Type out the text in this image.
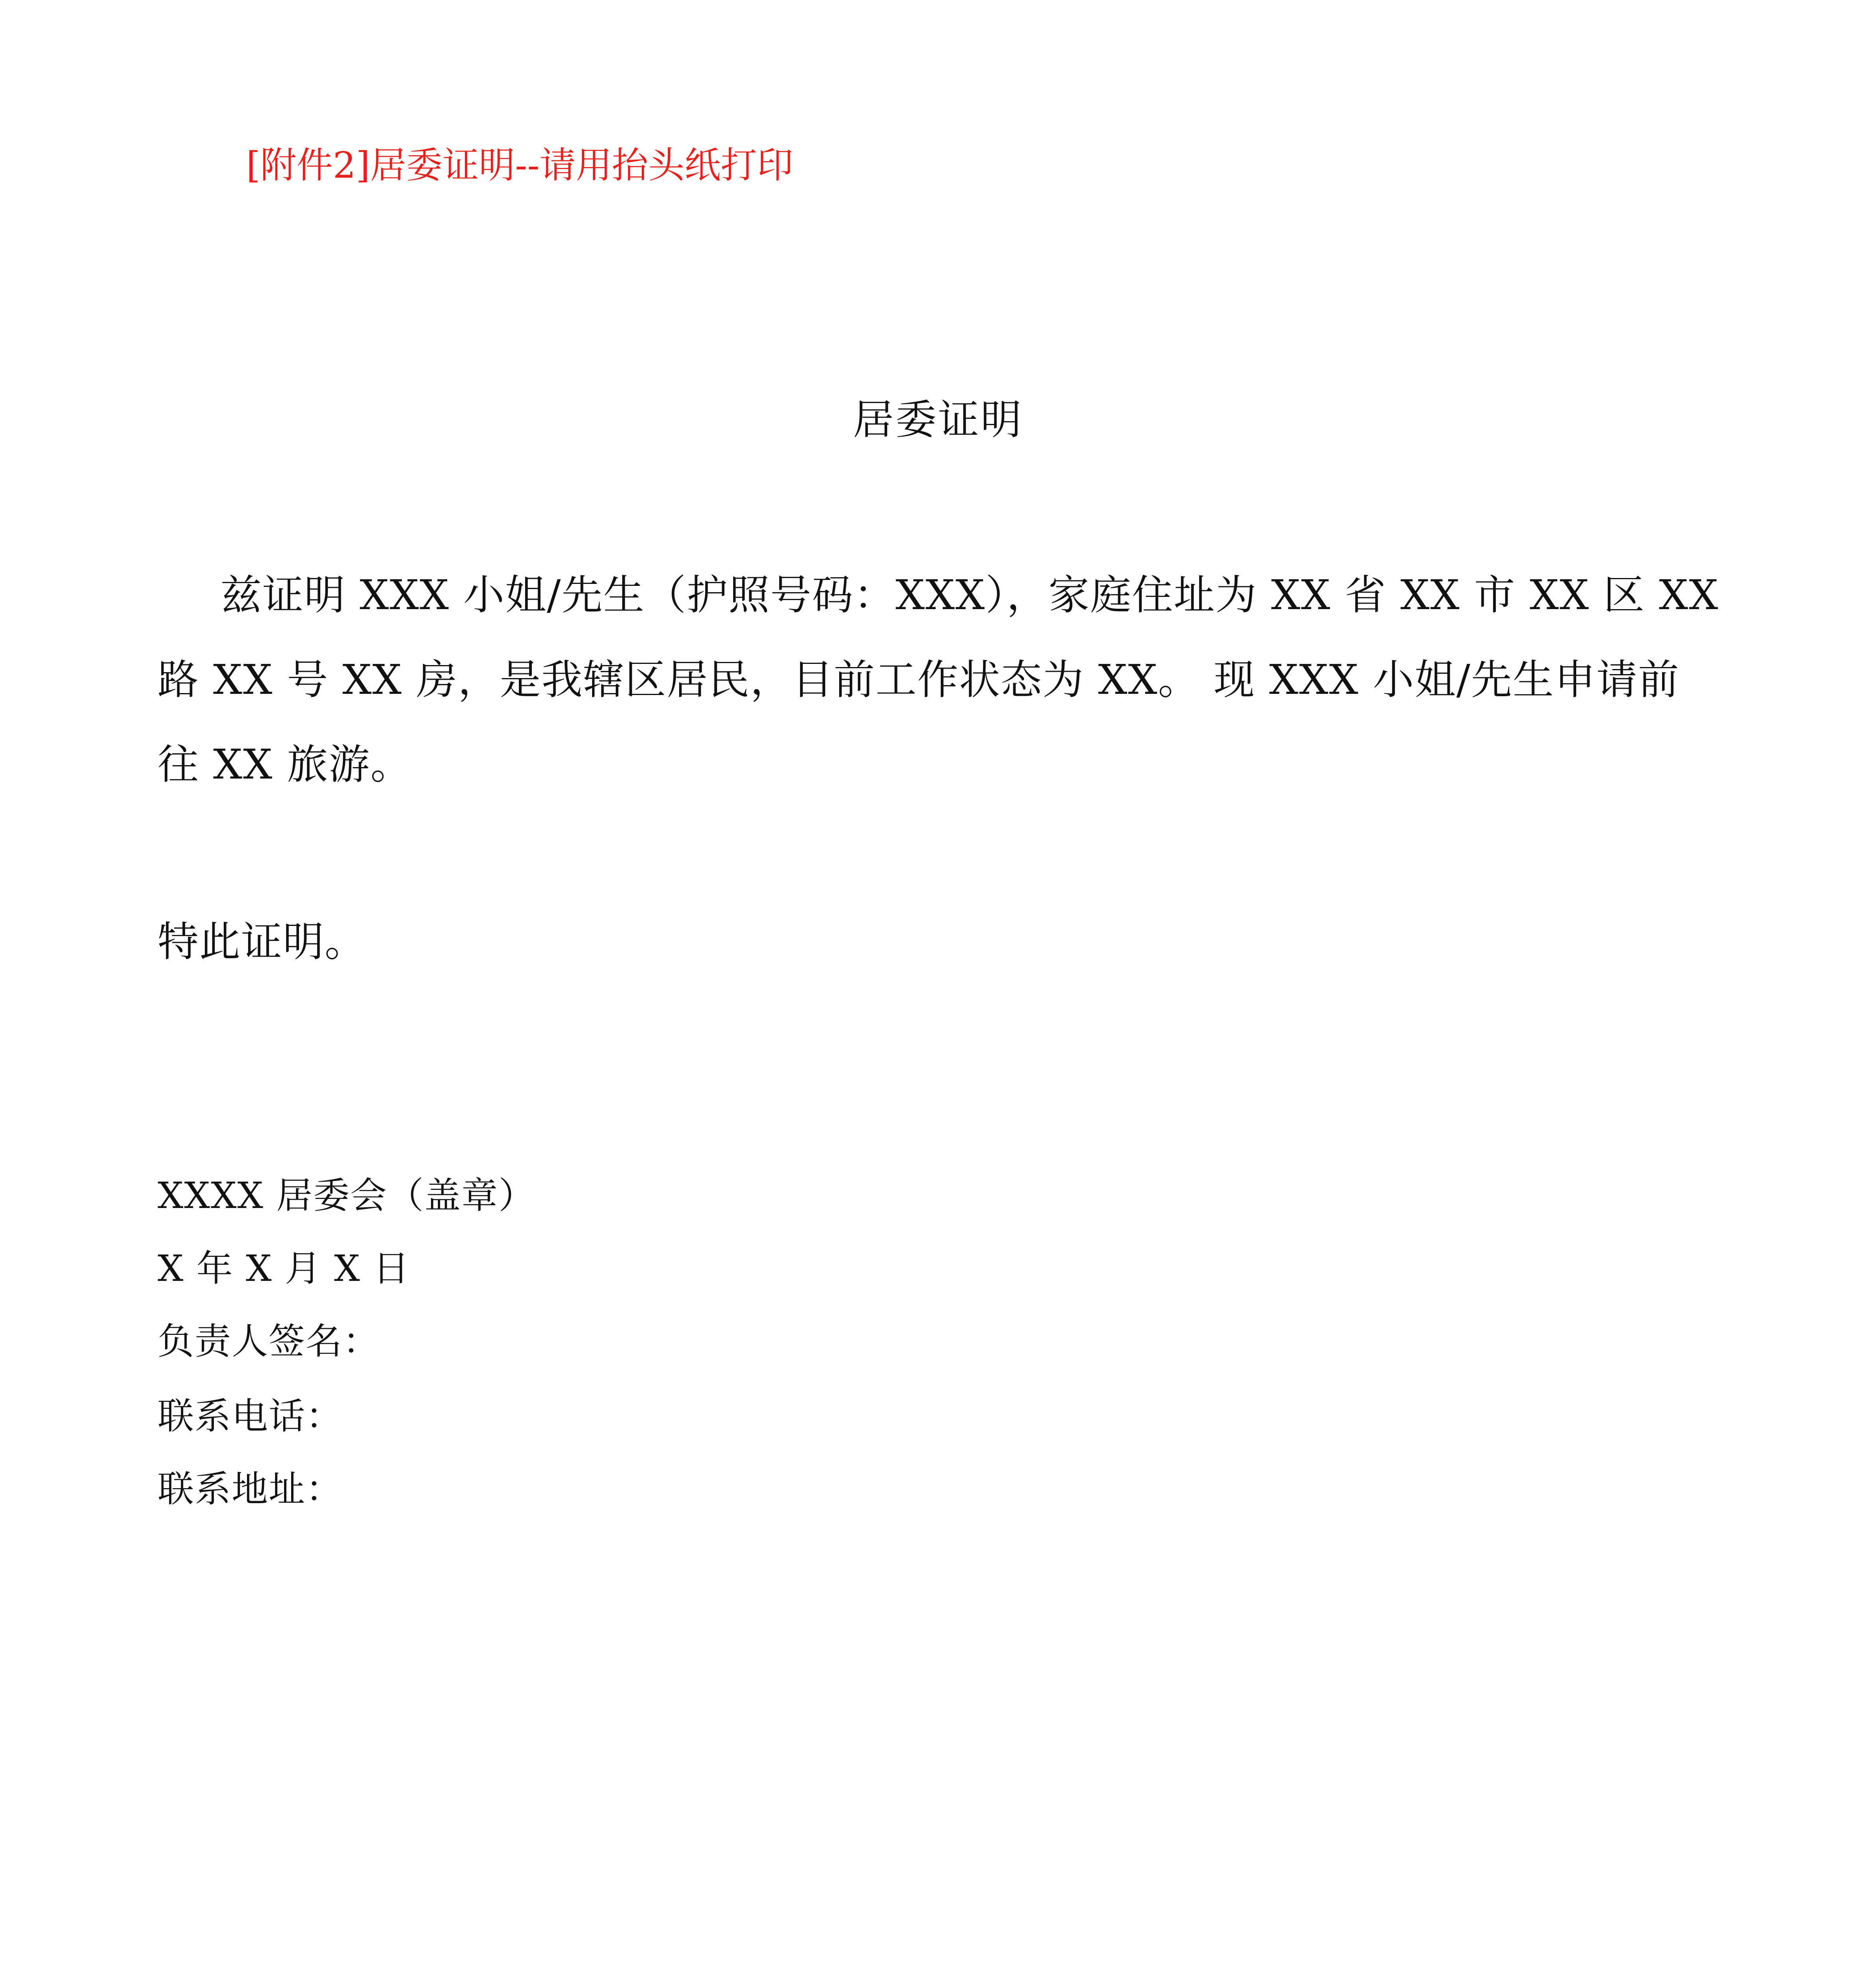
[附件2]居委证明--请用抬头纸打印
居委证明
兹证明 XXX 小姐/先生（护照号码：XXX），家庭住址为 XX 省 XX 市 XX 区 XX
路 XX 号 XX 房，是我辖区居民，目前工作状态为 XX。 现 XXX 小姐/先生申请前
往 XX 旅游。
特此证明。
XXXX 居委会（盖章）
X 年 X 月 X 日
负责人签名：
联系电话：
联系地址：
